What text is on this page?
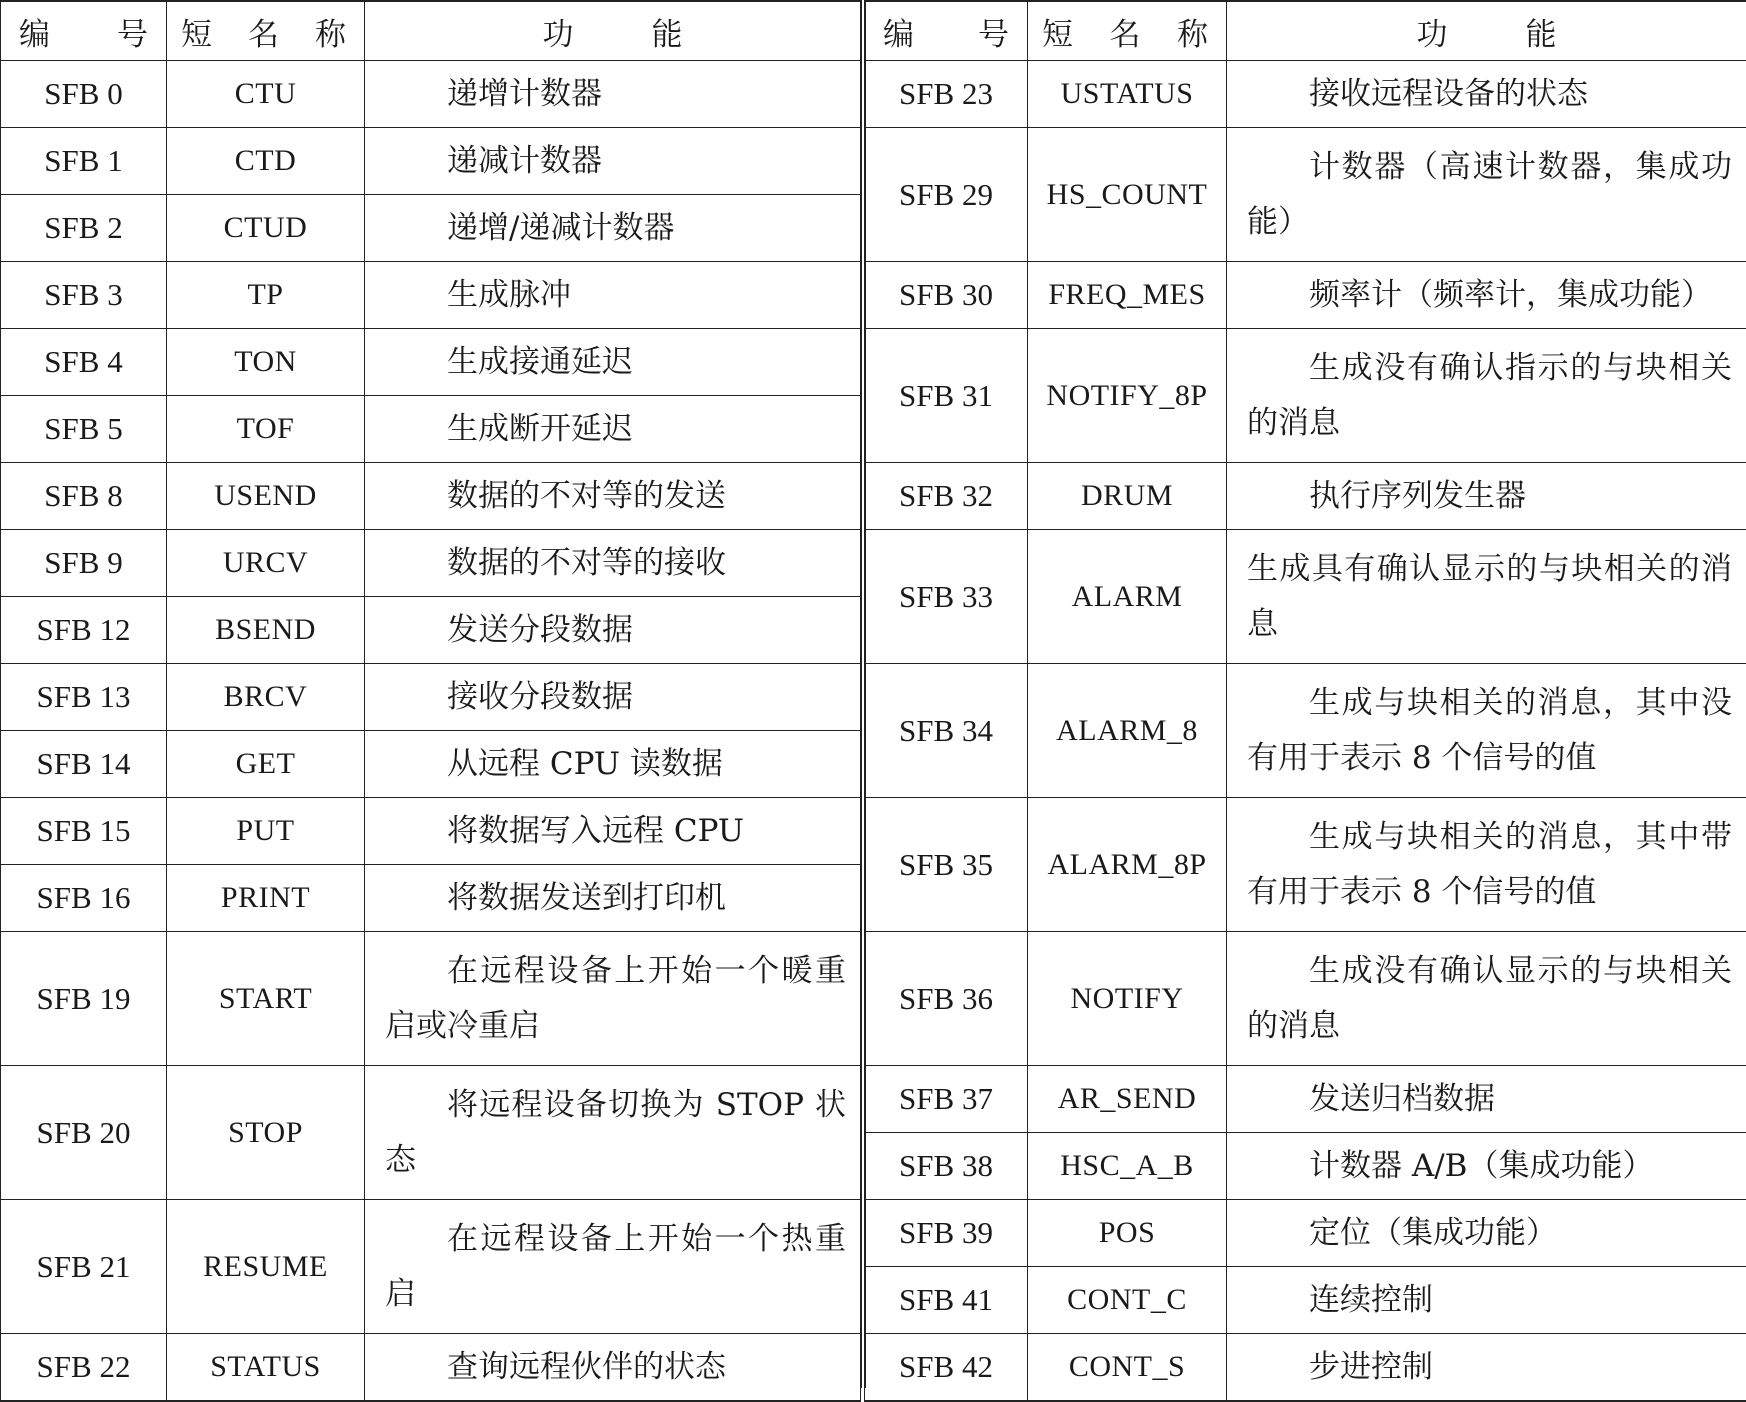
编 号	短 名 称	功 能

SFB 0	CTU	递增计数器

SFB 1	CTD	递减计数器

SFB 2	CTUD	递增/递减计数器

SFB 3	TP	生成脉冲

SFB 4	TON	生成接通延迟

SFB 5	TOF	生成断开延迟

SFB 8	USEND	数据的不对等的发送

SFB 9	URCV	数据的不对等的接收

SFB 12	BSEND	发送分段数据

SFB 13	BRCV	接收分段数据

SFB 14	GET	从远程 CPU 读数据

SFB 15	PUT	将数据写入远程 CPU

SFB 16	PRINT	将数据发送到打印机

SFB 19	START	在远程设备上开始一个暖重启或冷重启

SFB 20	STOP	将远程设备切换为 STOP 状态

SFB 21	RESUME	在远程设备上开始一个热重启

SFB 22	STATUS	查询远程伙伴的状态
编 号	短 名 称	功 能

SFB 23	USTATUS	接收远程设备的状态

SFB 29	HS_COUNT	计数器（高速计数器，集成功能）

SFB 30	FREQ_MES	频率计（频率计，集成功能）

SFB 31	NOTIFY_8P	生成没有确认指示的与块相关的消息

SFB 32	DRUM	执行序列发生器

SFB 33	ALARM	生成具有确认显示的与块相关的消息

SFB 34	ALARM_8	生成与块相关的消息，其中没有用于表示 8 个信号的值

SFB 35	ALARM_8P	生成与块相关的消息，其中带有用于表示 8 个信号的值

SFB 36	NOTIFY	生成没有确认显示的与块相关的消息

SFB 37	AR_SEND	发送归档数据

SFB 38	HSC_A_B	计数器 A/B（集成功能）

SFB 39	POS	定位（集成功能）

SFB 41	CONT_C	连续控制

SFB 42	CONT_S	步进控制
